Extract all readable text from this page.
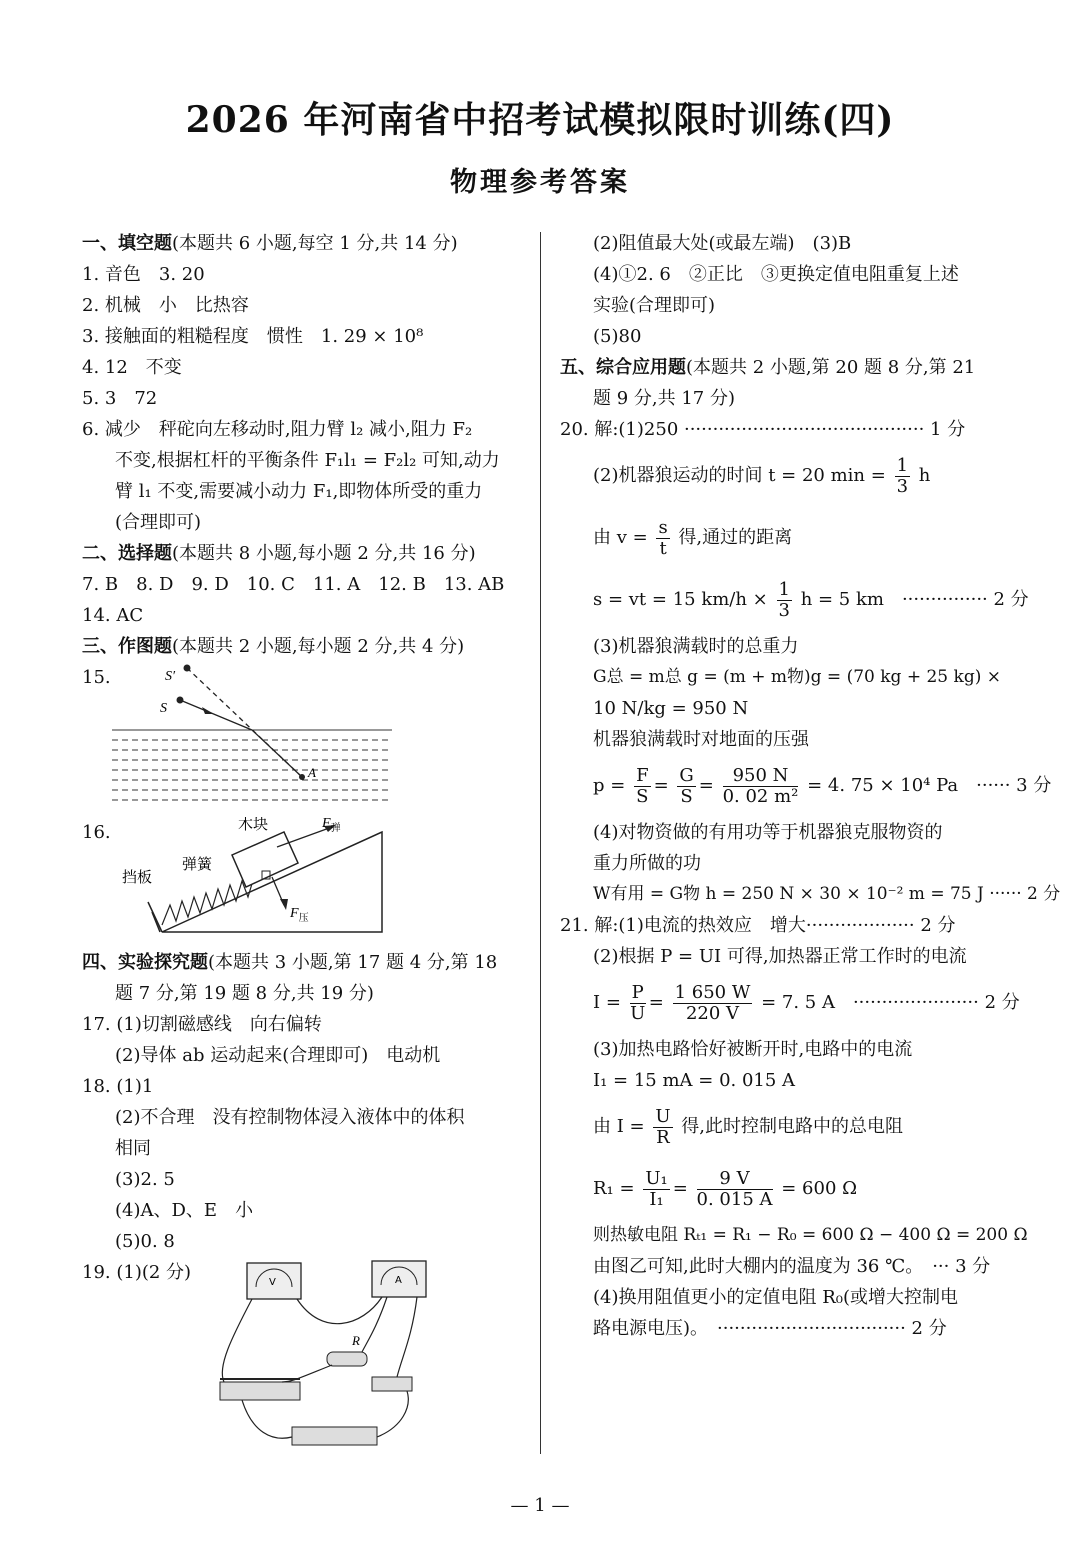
2026 年河南省中招考试模拟限时训练(四)
物理参考答案
一、填空题(本题共 6 小题,每空 1 分,共 14 分)
1. 音色　3. 20
2. 机械　小　比热容
3. 接触面的粗糙程度　惯性　1. 29 × 10⁸
4. 12　不变
5. 3　72
6. 减少　秤砣向左移动时,阻力臂 l₂ 减小,阻力 F₂
不变,根据杠杆的平衡条件 F₁l₁ = F₂l₂ 可知,动力
臂 l₁ 不变,需要减小动力 F₁,即物体所受的重力
(合理即可)
二、选择题(本题共 8 小题,每小题 2 分,共 16 分)
7. B　8. D　9. D　10. C　11. A　12. B　13. AB
14. AC
三、作图题(本题共 2 小题,每小题 2 分,共 4 分)
15.	S′
S
A
16.	木块
弹簧
挡板
$F_弹$
$F_压$
四、实验探究题(本题共 3 小题,第 17 题 4 分,第 18
题 7 分,第 19 题 8 分,共 19 分)
17. (1)切割磁感线　向右偏转
(2)导体 ab 运动起来(合理即可)　电动机
18. (1)1
(2)不合理　没有控制物体浸入液体中的体积
相同
(3)2. 5
(4)A、D、E　小
(5)0. 8
19. (1)(2 分)	V	A
R
(2)阻值最大处(或最左端)　(3)B
(4)①2. 6　②正比　③更换定值电阻重复上述
实验(合理即可)
(5)80
五、综合应用题(本题共 2 小题,第 20 题 8 分,第 21
题 9 分,共 17 分)
20. 解:(1)250 ·········································· 1 分
(2)机器狼运动的时间 t = 20 $\min = \frac{1}{3}$ h
由 $v = \frac{s}{t}$ 得,通过的距离
s = vt = 15 $km/h \times \frac{1}{3}$ h = 5 km　··············· 2 分
(3)机器狼满载时的总重力
G总 = m总 g = (m + m物)g = (70 kg + 25 kg) ×
10 N/kg = 950 N
机器狼满载时对地面的压强
$p = \frac{F}{S} = \frac{G}{S} = \frac{950 N}{\text{0. 02 m²}} = 4$. 75 × 10⁴ Pa　······ 3 分
(4)对物资做的有用功等于机器狼克服物资的
重力所做的功
W有用 = G物 h = 250 N × 30 × 10⁻² m = 75 J ······ 2 分
21. 解:(1)电流的热效应　增大··················· 2 分
(2)根据 P = UI 可得,加热器正常工作时的电流
$I = \frac{P}{U} = \frac{1 650 W}{220 V} = 7$. 5 A　······················ 2 分
(3)加热电路恰好被断开时,电路中的电流
I₁ = 15 mA = 0. 015 A
由 $I = \frac{U}{R}$ 得,此时控制电路中的总电阻
$R_1 = \frac{\text{U₁}}{\text{I₁}} = \frac{9 V}{0. 015 A} = 600$ Ω
则热敏电阻 Rₜ₁ = R₁ − R₀ = 600 Ω − 400 Ω = 200 Ω
由图乙可知,此时大棚内的温度为 36 ℃。　··· 3 分
(4)换用阻值更小的定值电阻 R₀(或增大控制电
路电源电压)。　································· 2 分
— 1 —
